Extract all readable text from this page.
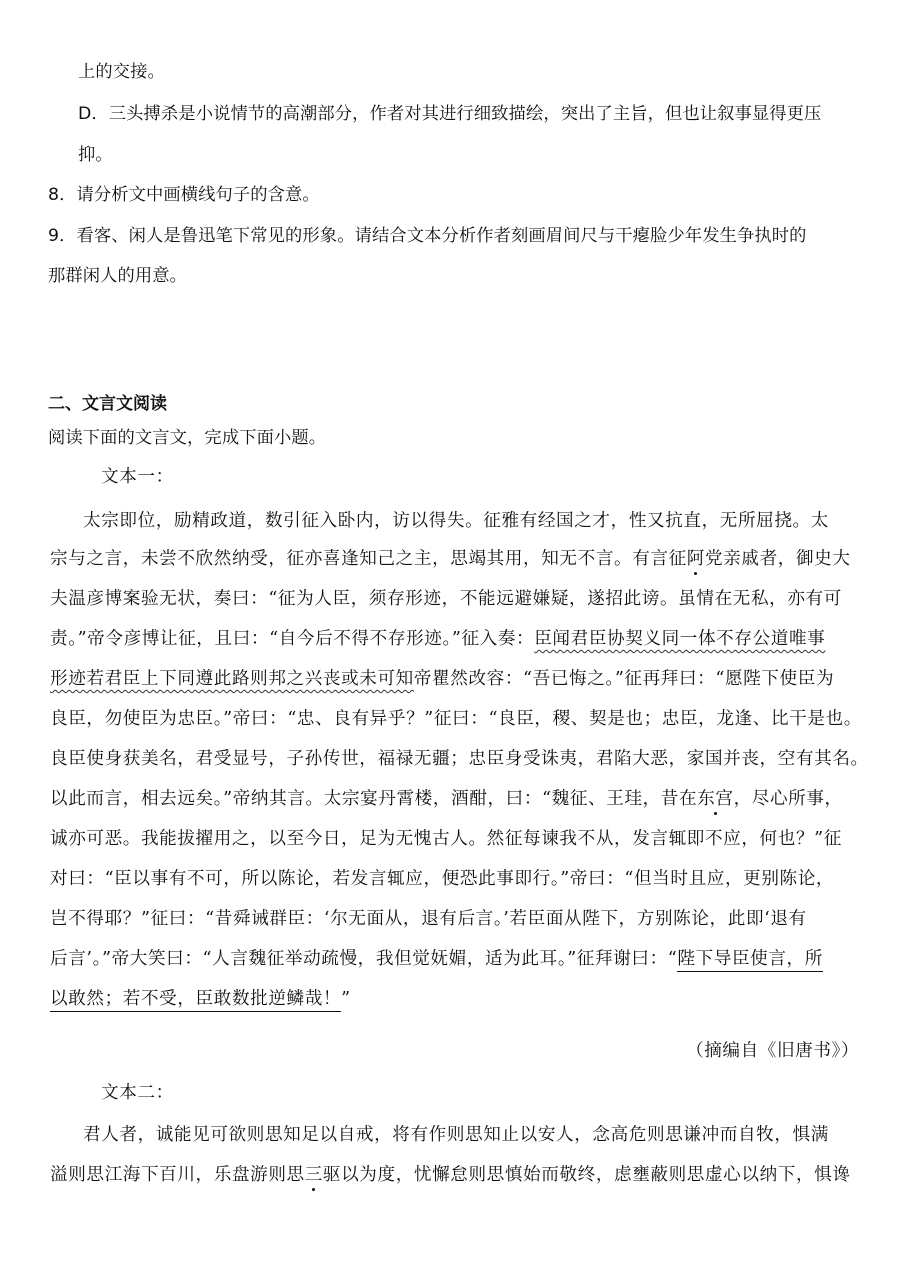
上的交接。
D．三头搏杀是小说情节的高潮部分，作者对其进行细致描绘，突出了主旨，但也让叙事显得更压
抑。
8．请分析文中画横线句子的含意。
9．看客、闲人是鲁迅笔下常见的形象。请结合文本分析作者刻画眉间尺与干瘪脸少年发生争执时的
那群闲人的用意。
二、文言文阅读
阅读下面的文言文，完成下面小题。
文本一：
太宗即位，励精政道，数引征入卧内，访以得失。征雅有经国之才，性又抗直，无所屈挠。太
宗与之言，未尝不欣然纳受，征亦喜逢知己之主，思竭其用，知无不言。有言征阿党亲戚者，御史大
夫温彦博案验无状，奏曰：“征为人臣，须存形迹，不能远避嫌疑，遂招此谤。虽情在无私，亦有可
责。”帝令彦博让征，且曰：“自今后不得不存形迹。”征入奏：臣闻君臣协契义同一体不存公道唯事
形迹若君臣上下同遵此路则邦之兴丧或未可知帝瞿然改容：“吾已悔之。”征再拜曰：“愿陛下使臣为
良臣，勿使臣为忠臣。”帝曰：“忠、良有异乎？”征曰：“良臣，稷、契是也；忠臣，龙逢、比干是也。
良臣使身获美名，君受显号，子孙传世，福禄无疆；忠臣身受诛夷，君陷大恶，家国并丧，空有其名。
以此而言，相去远矣。”帝纳其言。太宗宴丹霄楼，酒酣，曰：“魏征、王珪，昔在东宫，尽心所事，
诚亦可恶。我能拔擢用之，以至今日，足为无愧古人。然征每谏我不从，发言辄即不应，何也？”征
对曰：“臣以事有不可，所以陈论，若发言辄应，便恐此事即行。”帝曰：“但当时且应，更别陈论，
岂不得耶？”征曰：“昔舜诫群臣：‘尔无面从，退有后言。’若臣面从陛下，方别陈论，此即‘退有
后言’。”帝大笑曰：“人言魏征举动疏慢，我但觉妩媚，适为此耳。”征拜谢曰：“陛下导臣使言，所
以敢然；若不受，臣敢数批逆鳞哉！”
（摘编自《旧唐书》）
文本二：
君人者，诚能见可欲则思知足以自戒，将有作则思知止以安人，念高危则思谦冲而自牧，惧满
溢则思江海下百川，乐盘游则思三驱以为度，忧懈怠则思慎始而敬终，虑壅蔽则思虚心以纳下，惧谗
